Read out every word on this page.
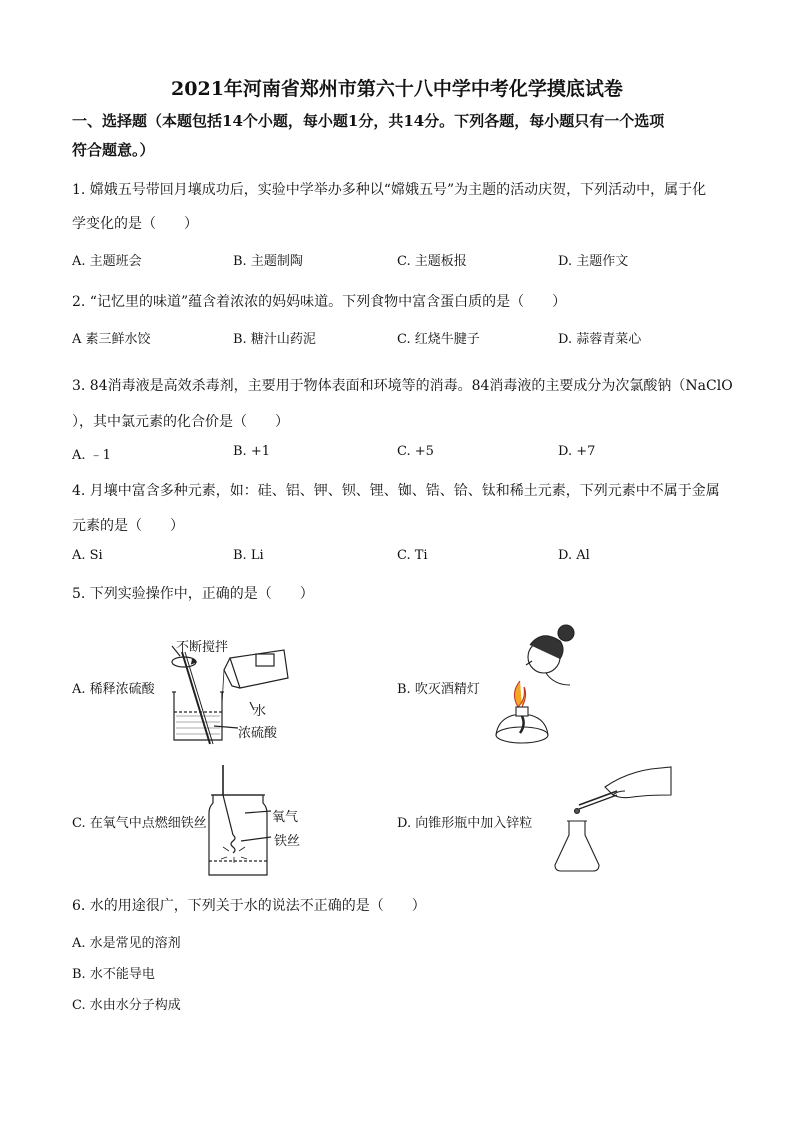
2021年河南省郑州市第六十八中学中考化学摸底试卷
一、选择题（本题包括14个小题，每小题1分，共14分。下列各题，每小题只有一个选项
符合题意。）
1. 嫦娥五号带回月壤成功后，实验中学举办多种以“嫦娥五号”为主题的活动庆贺，下列活动中，属于化
学变化的是（　　）
A. 主题班会	B. 主题制陶	C. 主题板报	D. 主题作文
2. “记忆里的味道”蕴含着浓浓的妈妈味道。下列食物中富含蛋白质的是（　　）
A 素三鲜水饺	B. 糖汁山药泥	C. 红烧牛腱子	D. 蒜蓉青菜心
3. 84消毒液是高效杀毒剂，主要用于物体表面和环境等的消毒。84消毒液的主要成分为次氯酸钠（NaClO
），其中氯元素的化合价是（　　）
A. ﹣1	B. +1	C. +5	D. +7
4. 月壤中富含多种元素，如：硅、铝、钾、钡、锂、铷、锆、铪、钛和稀土元素，下列元素中不属于金属
元素的是（　　）
A. Si	B. Li	C. Ti	D. Al
5. 下列实验操作中，正确的是（　　）
A. 稀释浓硫酸
不断搅拌
水
浓硫酸
B. 吹灭酒精灯
C. 在氧气中点燃细铁丝	氧气
铁丝
D. 向锥形瓶中加入锌粒
6. 水的用途很广，下列关于水的说法不正确的是（　　）
A. 水是常见的溶剂
B. 水不能导电
C. 水由水分子构成
